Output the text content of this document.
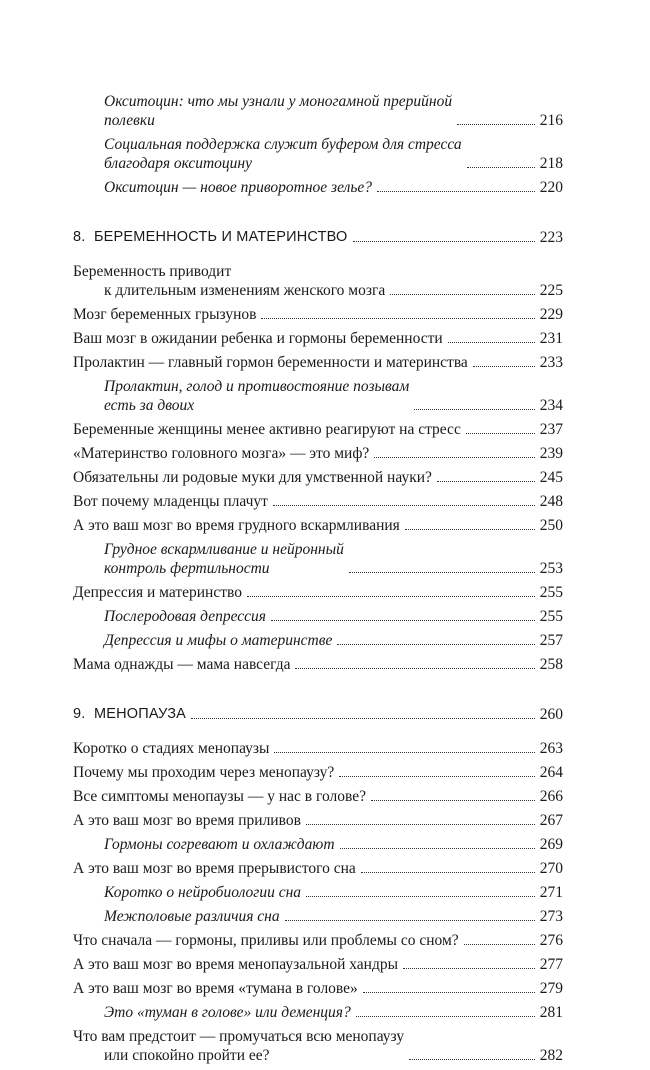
Окситоцин: что мы узнали у моногамной прерийной
полевки	216
Социальная поддержка служит буфером для стресса
благодаря окситоцину	218
Окситоцин — новое приворотное зелье?	220
8. БЕРЕМЕННОСТЬ И МАТЕРИНСТВО	223
Беременность приводит
к длительным изменениям женского мозга	225
Мозг беременных грызунов	229
Ваш мозг в ожидании ребенка и гормоны беременности	231
Пролактин — главный гормон беременности и материнства	233
Пролактин, голод и противостояние позывам
есть за двоих	234
Беременные женщины менее активно реагируют на стресс	237
«Материнство головного мозга» — это миф?	239
Обязательны ли родовые муки для умственной науки?	245
Вот почему младенцы плачут	248
А это ваш мозг во время грудного вскармливания	250
Грудное вскармливание и нейронный
контроль фертильности	253
Депрессия и материнство	255
Послеродовая депрессия	255
Депрессия и мифы о материнстве	257
Мама однажды — мама навсегда	258
9. МЕНОПАУЗА	260
Коротко о стадиях менопаузы	263
Почему мы проходим через менопаузу?	264
Все симптомы менопаузы — у нас в голове?	266
А это ваш мозг во время приливов	267
Гормоны согревают и охлаждают	269
А это ваш мозг во время прерывистого сна	270
Коротко о нейробиологии сна	271
Межполовые различия сна	273
Что сначала — гормоны, приливы или проблемы со сном?	276
А это ваш мозг во время менопаузальной хандры	277
А это ваш мозг во время «тумана в голове»	279
Это «туман в голове» или деменция?	281
Что вам предстоит — промучаться всю менопаузу
или спокойно пройти ее?	282
